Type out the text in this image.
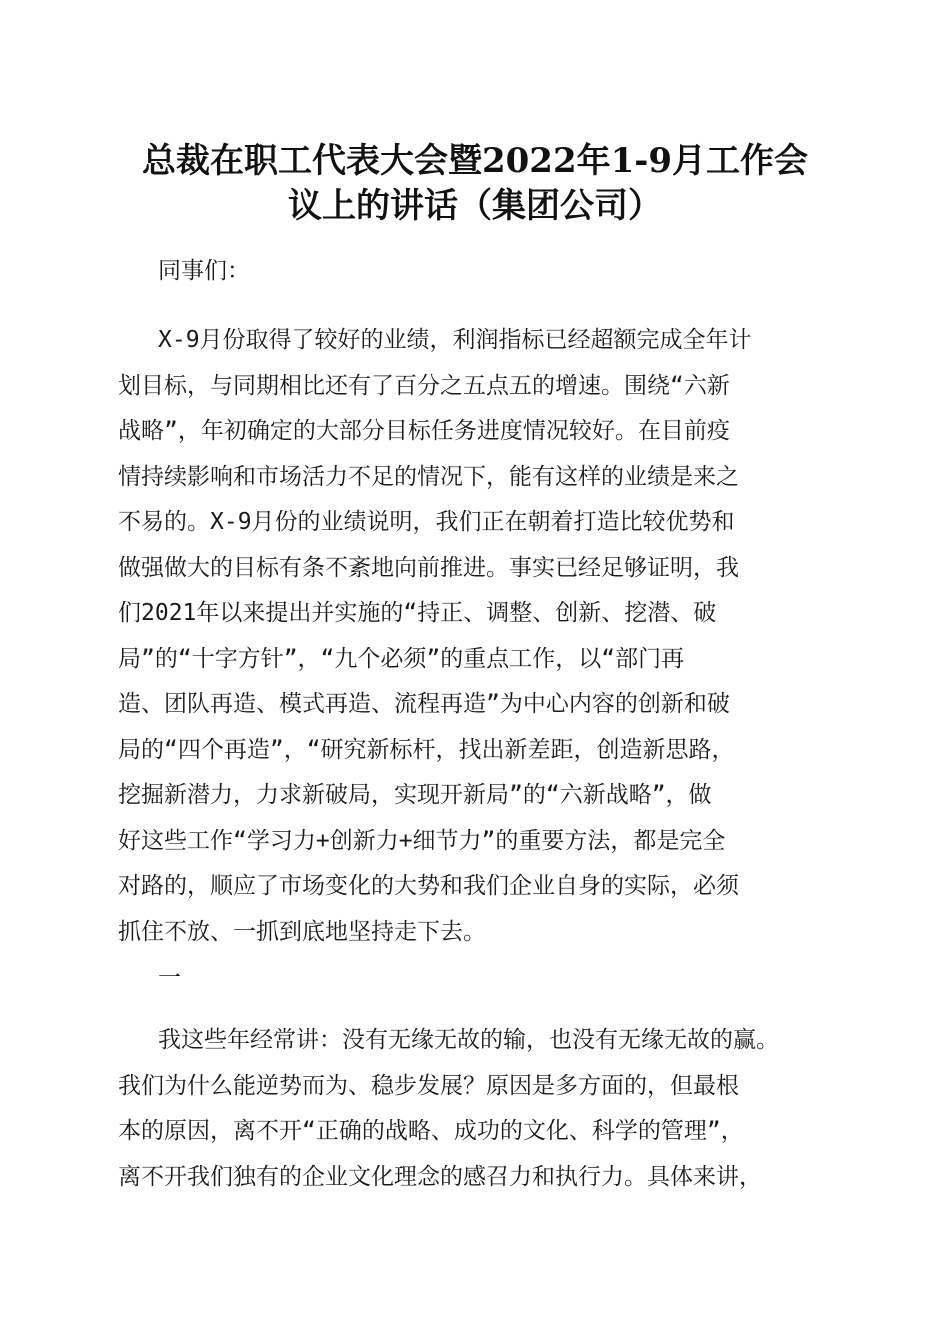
总裁在职工代表大会暨2022年1-9月工作会
议上的讲话（集团公司）
同事们：
X-9月份取得了较好的业绩，利润指标已经超额完成全年计
划目标，与同期相比还有了百分之五点五的增速。围绕“六新
战略”，年初确定的大部分目标任务进度情况较好。在目前疫
情持续影响和市场活力不足的情况下，能有这样的业绩是来之
不易的。X-9月份的业绩说明，我们正在朝着打造比较优势和
做强做大的目标有条不紊地向前推进。事实已经足够证明，我
们2021年以来提出并实施的“持正、调整、创新、挖潜、破
局”的“十字方针”，“九个必须”的重点工作，以“部门再
造、团队再造、模式再造、流程再造”为中心内容的创新和破
局的“四个再造”，“研究新标杆，找出新差距，创造新思路，
挖掘新潜力，力求新破局，实现开新局”的“六新战略”，做
好这些工作“学习力+创新力+细节力”的重要方法，都是完全
对路的，顺应了市场变化的大势和我们企业自身的实际，必须
抓住不放、一抓到底地坚持走下去。
一
我这些年经常讲：没有无缘无故的输，也没有无缘无故的赢。
我们为什么能逆势而为、稳步发展？原因是多方面的，但最根
本的原因，离不开“正确的战略、成功的文化、科学的管理”，
离不开我们独有的企业文化理念的感召力和执行力。具体来讲，
